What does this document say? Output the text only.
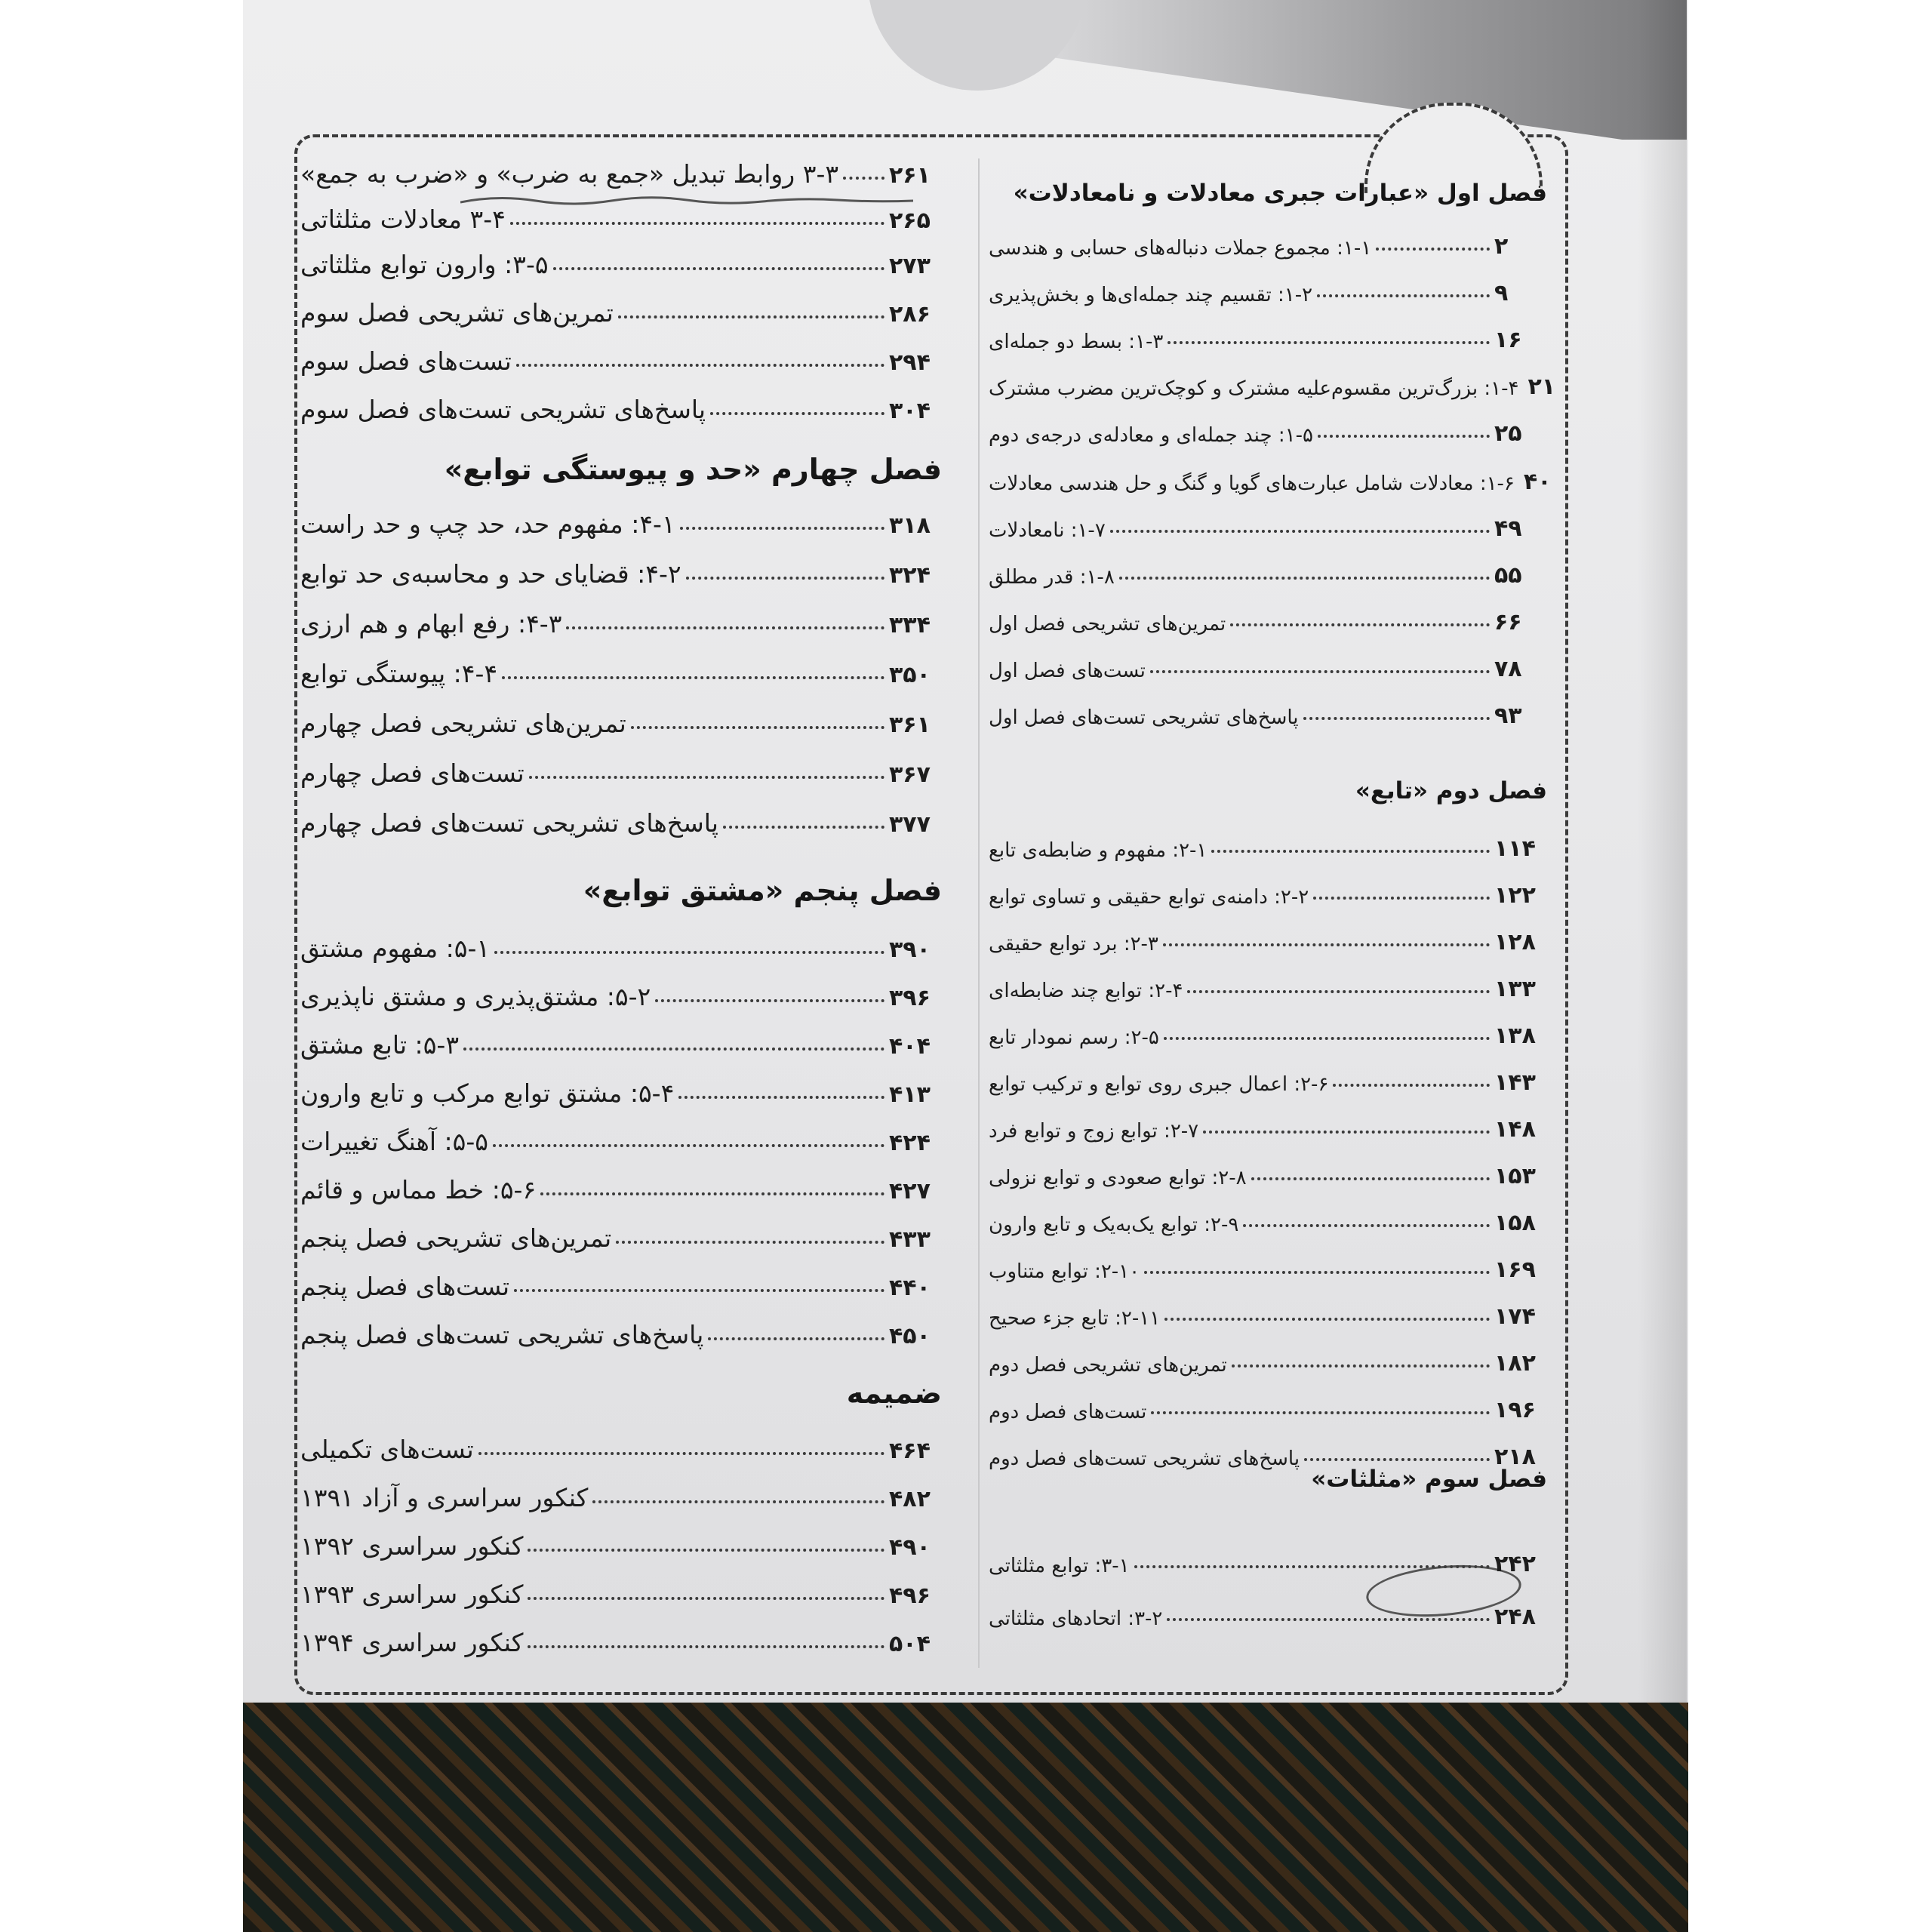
فصل اول «عبارات جبری معادلات و نامعادلات»
۱-۱: مجموع جملات دنباله‌های حسابی و هندسی	۲
۱-۲: تقسیم چند جمله‌ای‌ها و بخش‌پذیری	۹
۱-۳: بسط دو جمله‌ای	۱۶
۱-۴: بزرگ‌ترین مقسوم‌علیه مشترک و کوچک‌ترین مضرب مشترک ۲۱
۱-۵: چند جمله‌ای و معادله‌ی درجه‌ی دوم	۲۵
۱-۶: معادلات شامل عبارت‌های گویا و گنگ و حل هندسی معادلات ۴۰
۱-۷: نامعادلات	۴۹
۱-۸: قدر مطلق	۵۵
تمرین‌های تشریحی فصل اول	۶۶
تست‌های فصل اول	۷۸
پاسخ‌های تشریحی تست‌های فصل اول	۹۳
فصل دوم «تابع»
۲-۱: مفهوم و ضابطه‌ی تابع	۱۱۴
۲-۲: دامنه‌ی توابع حقیقی و تساوی توابع	۱۲۲
۲-۳: برد توابع حقیقی	۱۲۸
۲-۴: توابع چند ضابطه‌ای	۱۳۳
۲-۵: رسم نمودار تابع	۱۳۸
۲-۶: اعمال جبری روی توابع و ترکیب توابع	۱۴۳
۲-۷: توابع زوج و توابع فرد	۱۴۸
۲-۸: توابع صعودی و توابع نزولی	۱۵۳
۲-۹: توابع یک‌به‌یک و تابع وارون	۱۵۸
۲-۱۰: توابع متناوب	۱۶۹
۲-۱۱: تابع جزء صحیح	۱۷۴
تمرین‌های تشریحی فصل دوم	۱۸۲
تست‌های فصل دوم	۱۹۶
پاسخ‌های تشریحی تست‌های فصل دوم	۲۱۸
فصل سوم «مثلثات»
۳-۱: توابع مثلثاتی	۲۴۲
۳-۲: اتحادهای مثلثاتی	۲۴۸
۳-۳ روابط تبدیل «جمع به ضرب» و «ضرب به جمع» ۲۶۱
۳-۴ معادلات مثلثاتی	۲۶۵
۳-۵: وارون توابع مثلثاتی	۲۷۳
تمرین‌های تشریحی فصل سوم	۲۸۶
تست‌های فصل سوم	۲۹۴
پاسخ‌های تشریحی تست‌های فصل سوم	۳۰۴
فصل چهارم «حد و پیوستگی توابع»
۴-۱: مفهوم حد، حد چپ و حد راست	۳۱۸
۴-۲: قضایای حد و محاسبه‌ی حد توابع	۳۲۴
۴-۳: رفع ابهام و هم ارزی	۳۳۴
۴-۴: پیوستگی توابع	۳۵۰
تمرین‌های تشریحی فصل چهارم	۳۶۱
تست‌های فصل چهارم	۳۶۷
پاسخ‌های تشریحی تست‌های فصل چهارم	۳۷۷
فصل پنجم «مشتق توابع»
۵-۱: مفهوم مشتق	۳۹۰
۵-۲: مشتق‌پذیری و مشتق ناپذیری	۳۹۶
۵-۳: تابع مشتق	۴۰۴
۵-۴: مشتق توابع مرکب و تابع وارون	۴۱۳
۵-۵: آهنگ تغییرات	۴۲۴
۵-۶: خط مماس و قائم	۴۲۷
تمرین‌های تشریحی فصل پنجم	۴۳۳
تست‌های فصل پنجم	۴۴۰
پاسخ‌های تشریحی تست‌های فصل پنجم	۴۵۰
ضمیمه
تست‌های تکمیلی	۴۶۴
کنکور سراسری و آزاد ۱۳۹۱	۴۸۲
کنکور سراسری ۱۳۹۲	۴۹۰
کنکور سراسری ۱۳۹۳	۴۹۶
کنکور سراسری ۱۳۹۴	۵۰۴
